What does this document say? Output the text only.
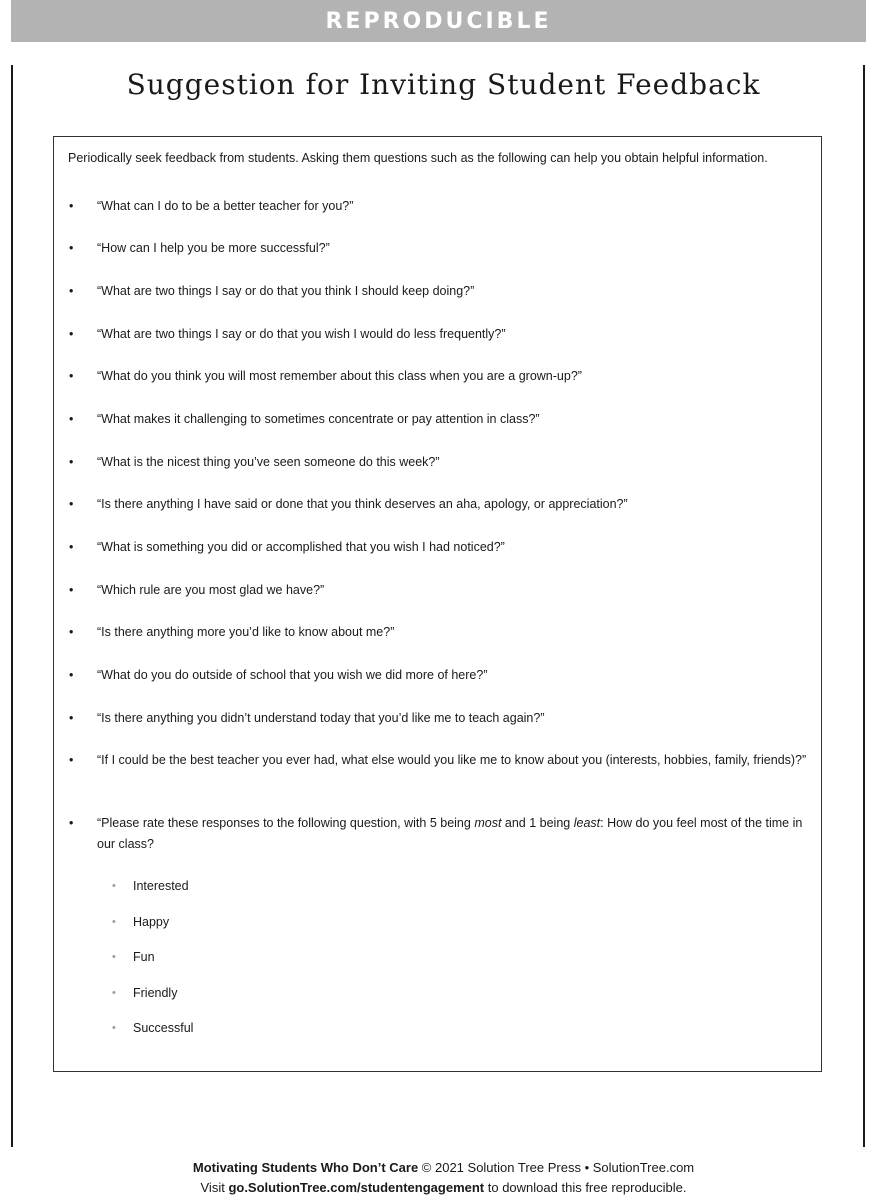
REPRODUCIBLE
Suggestion for Inviting Student Feedback

Periodically seek feedback from students. Asking them questions such as the following can help you obtain helpful information.

• “What can I do to be a better teacher for you?”
• “How can I help you be more successful?”
• “What are two things I say or do that you think I should keep doing?”
• “What are two things I say or do that you wish I would do less frequently?”
• “What do you think you will most remember about this class when you are a grown-up?”
• “What makes it challenging to sometimes concentrate or pay attention in class?”
• “What is the nicest thing you’ve seen someone do this week?”
• “Is there anything I have said or done that you think deserves an aha, apology, or appreciation?”
• “What is something you did or accomplished that you wish I had noticed?”
• “Which rule are you most glad we have?”
• “Is there anything more you’d like to know about me?”
• “What do you do outside of school that you wish we did more of here?”
• “Is there anything you didn’t understand today that you’d like me to teach again?”
• “If I could be the best teacher you ever had, what else would you like me to know about you (interests, hobbies, family, friends)?”
• “Please rate these responses to the following question, with 5 being most and 1 being least: How do you feel most of the time in our class?
• Interested
• Happy
• Fun
• Friendly
• Successful
Motivating Students Who Don’t Care © 2021 Solution Tree Press • SolutionTree.com
Visit go.SolutionTree.com/studentengagement to download this free reproducible.
